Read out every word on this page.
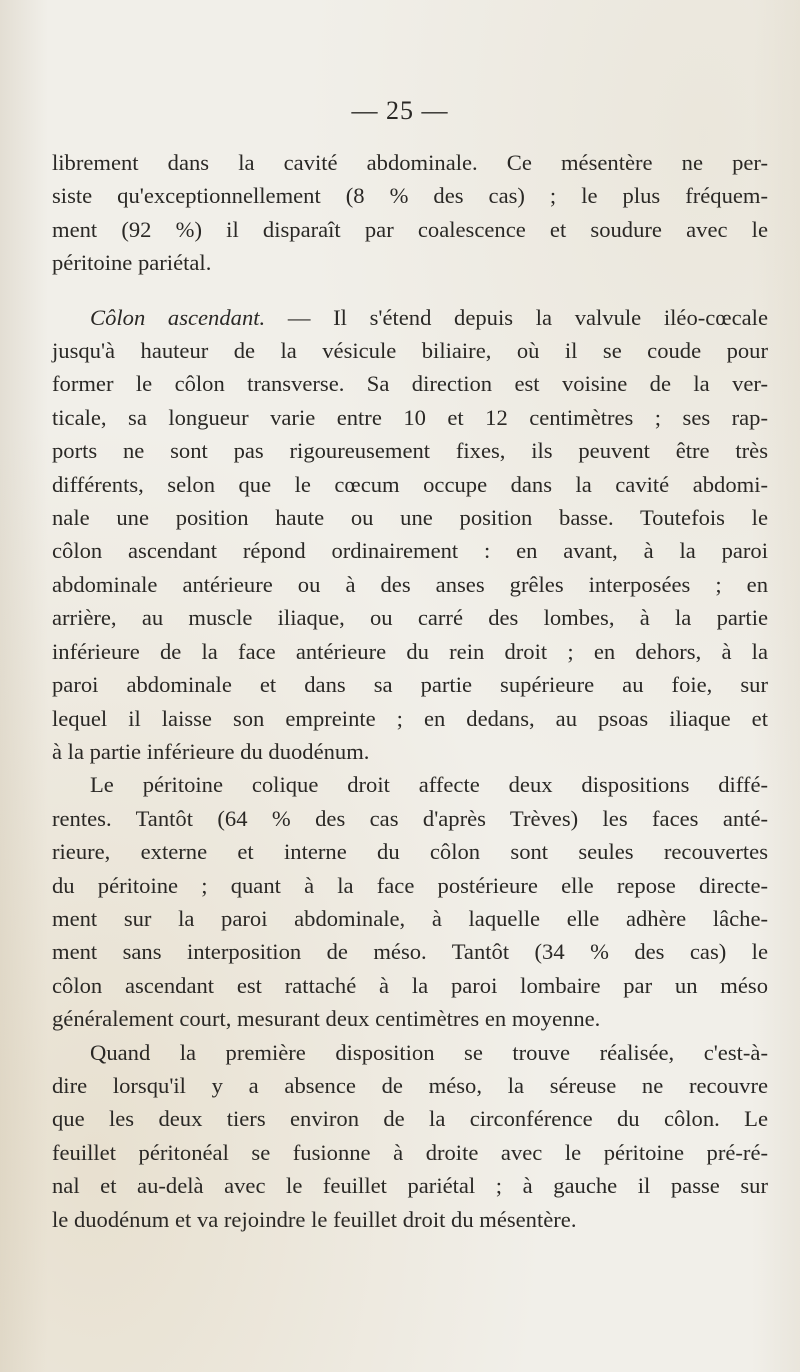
— 25 —
librement dans la cavité abdominale. Ce mésentère ne per-
siste qu'exceptionnellement (8 % des cas) ; le plus fréquem-
ment (92 %) il disparaît par coalescence et soudure avec le
péritoine pariétal.
Côlon ascendant. — Il s'étend depuis la valvule iléo-cœcale
jusqu'à hauteur de la vésicule biliaire, où il se coude pour
former le côlon transverse. Sa direction est voisine de la ver-
ticale, sa longueur varie entre 10 et 12 centimètres ; ses rap-
ports ne sont pas rigoureusement fixes, ils peuvent être très
différents, selon que le cœcum occupe dans la cavité abdomi-
nale une position haute ou une position basse. Toutefois le
côlon ascendant répond ordinairement : en avant, à la paroi
abdominale antérieure ou à des anses grêles interposées ; en
arrière, au muscle iliaque, ou carré des lombes, à la partie
inférieure de la face antérieure du rein droit ; en dehors, à la
paroi abdominale et dans sa partie supérieure au foie, sur
lequel il laisse son empreinte ; en dedans, au psoas iliaque et
à la partie inférieure du duodénum.
Le péritoine colique droit affecte deux dispositions diffé-
rentes. Tantôt (64 % des cas d'après Trèves) les faces anté-
rieure, externe et interne du côlon sont seules recouvertes
du péritoine ; quant à la face postérieure elle repose directe-
ment sur la paroi abdominale, à laquelle elle adhère lâche-
ment sans interposition de méso. Tantôt (34 % des cas) le
côlon ascendant est rattaché à la paroi lombaire par un méso
généralement court, mesurant deux centimètres en moyenne.
Quand la première disposition se trouve réalisée, c'est-à-
dire lorsqu'il y a absence de méso, la séreuse ne recouvre
que les deux tiers environ de la circonférence du côlon. Le
feuillet péritonéal se fusionne à droite avec le péritoine pré-ré-
nal et au-delà avec le feuillet pariétal ; à gauche il passe sur
le duodénum et va rejoindre le feuillet droit du mésentère.
